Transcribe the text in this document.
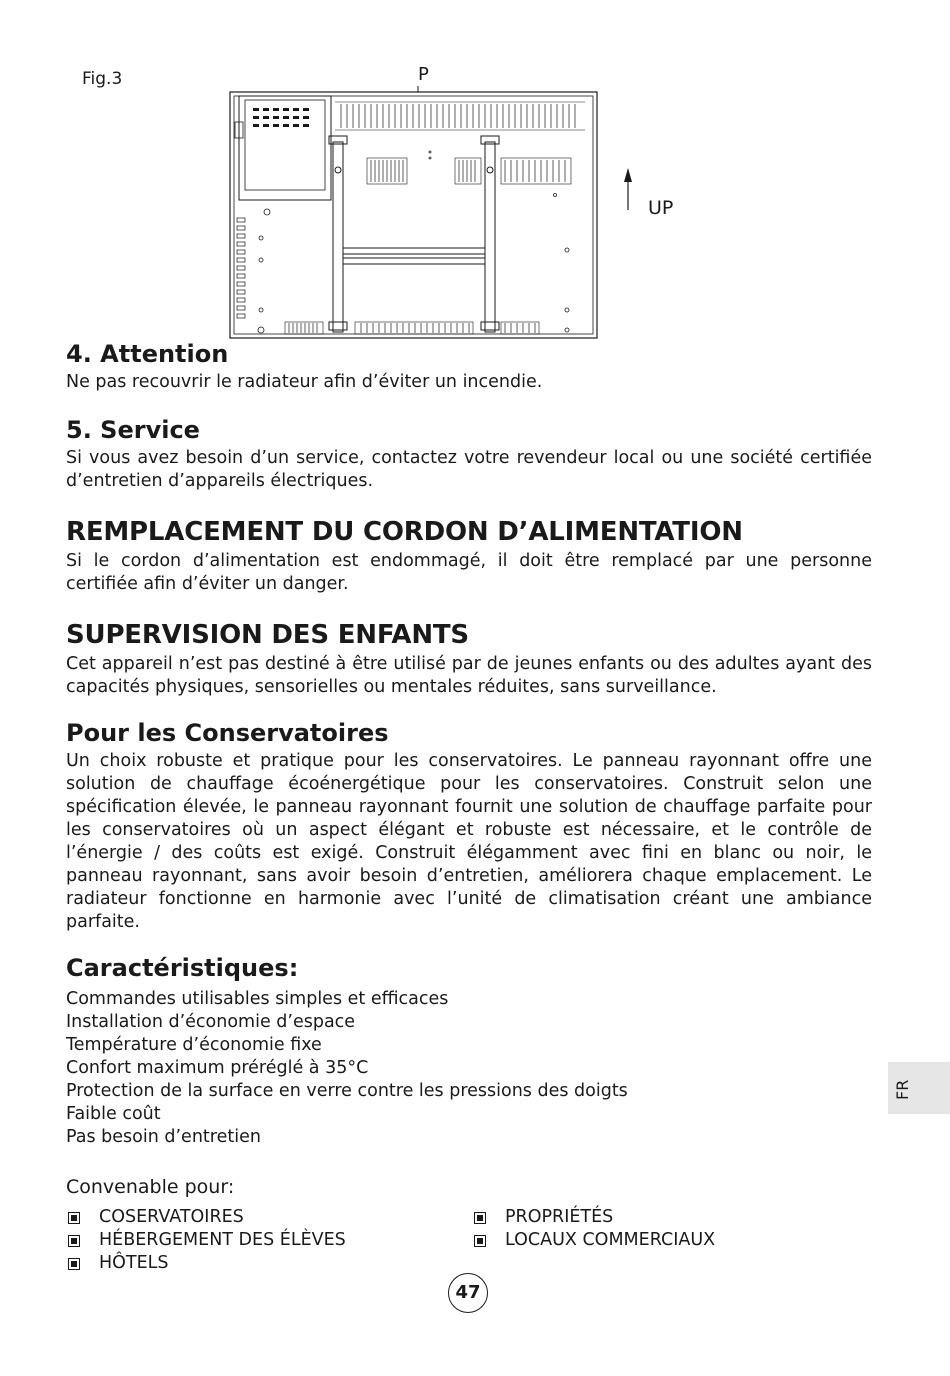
Fig.3	P
UP
4. Attention

Ne pas recouvrir le radiateur afin d’éviter un incendie.

5. Service

Si vous avez besoin d’un service, contactez votre revendeur local ou une société certifiée d’entretien d’appareils électriques.

REMPLACEMENT DU CORDON D’ALIMENTATION

Si le cordon d’alimentation est endommagé, il doit être remplacé par une personne certifiée afin d’éviter un danger.

SUPERVISION DES ENFANTS

Cet appareil n’est pas destiné à être utilisé par de jeunes enfants ou des adultes ayant des capacités physiques, sensorielles ou mentales réduites, sans surveillance.

Pour les Conservatoires

Un choix robuste et pratique pour les conservatoires. Le panneau rayonnant offre une solution de chauffage écoénergétique pour les conservatoires. Construit selon une spécification élevée, le panneau rayonnant fournit une solution de chauffage parfaite pour les conservatoires où un aspect élégant et robuste est nécessaire, et le contrôle de l’énergie / des coûts est exigé. Construit élégamment avec fini en blanc ou noir, le panneau rayonnant, sans avoir besoin d’entretien, améliorera chaque emplacement. Le radiateur fonctionne en harmonie avec l’unité de climatisation créant une ambiance parfaite.

Caractéristiques:
Commandes utilisables simples et efficaces
Installation d’économie d’espace
Température d’économie fixe
Confort maximum préréglé à 35°C
Protection de la surface en verre contre les pressions des doigts
Faible coût
Pas besoin d’entretien
Convenable pour:
COSERVATOIRES	PROPRIÉTÉS
HÉBERGEMENT DES ÉLÈVES	LOCAUX COMMERCIAUX
HÔTELS
FR
47
